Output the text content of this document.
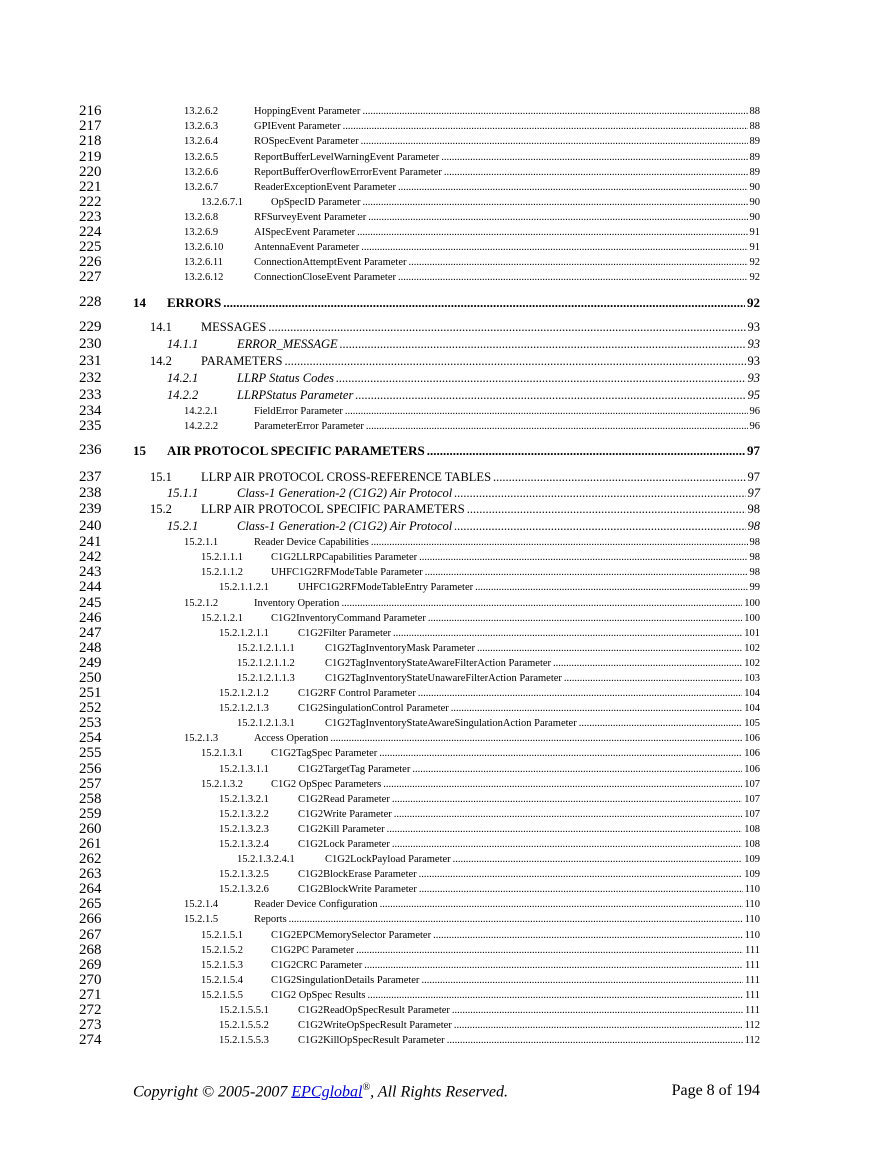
216	13.2.6.2	HoppingEvent Parameter .....	88
217	13.2.6.3	GPIEvent Parameter .....	88
218	13.2.6.4	ROSpecEvent Parameter .....	89
219	13.2.6.5	ReportBufferLevelWarningEvent Parameter .....	89
220	13.2.6.6	ReportBufferOverflowErrorEvent Parameter .....	89
221	13.2.6.7	ReaderExceptionEvent Parameter .....	90
222	13.2.6.7.1	OpSpecID Parameter .....	90
223	13.2.6.8	RFSurveyEvent Parameter .....	90
224	13.2.6.9	AISpecEvent Parameter .....	91
225	13.2.6.10	AntennaEvent Parameter .....	91
226	13.2.6.11	ConnectionAttemptEvent Parameter .....	92
227	13.2.6.12	ConnectionCloseEvent Parameter .....	92
228	14	ERRORS .....	92
229	14.1	MESSAGES .....	93
230	14.1.1	ERROR_MESSAGE .....	93
231	14.2	PARAMETERS .....	93
232	14.2.1	LLRP Status Codes .....	93
233	14.2.2	LLRPStatus Parameter .....	95
234	14.2.2.1	FieldError Parameter .....	96
235	14.2.2.2	ParameterError Parameter .....	96
236	15	AIR PROTOCOL SPECIFIC PARAMETERS .....	97
237	15.1	LLRP AIR PROTOCOL CROSS-REFERENCE TABLES .....	97
238	15.1.1	Class-1 Generation-2 (C1G2) Air Protocol .....	97
239	15.2	LLRP AIR PROTOCOL SPECIFIC PARAMETERS .....	98
240	15.2.1	Class-1 Generation-2 (C1G2) Air Protocol .....	98
241	15.2.1.1	Reader Device Capabilities .....	98
242	15.2.1.1.1	C1G2LLRPCapabilities Parameter .....	98
243	15.2.1.1.2	UHFC1G2RFModeTable Parameter .....	98
244	15.2.1.1.2.1	UHFC1G2RFModeTableEntry Parameter .....	99
245	15.2.1.2	Inventory Operation .....	100
246	15.2.1.2.1	C1G2InventoryCommand Parameter .....	100
247	15.2.1.2.1.1	C1G2Filter Parameter .....	101
248	15.2.1.2.1.1.1	C1G2TagInventoryMask Parameter .....	102
249	15.2.1.2.1.1.2	C1G2TagInventoryStateAwareFilterAction Parameter .....	102
250	15.2.1.2.1.1.3	C1G2TagInventoryStateUnawareFilterAction Parameter .....	103
251	15.2.1.2.1.2	C1G2RF Control Parameter .....	104
252	15.2.1.2.1.3	C1G2SingulationControl Parameter .....	104
253	15.2.1.2.1.3.1	C1G2TagInventoryStateAwareSingulationAction Parameter .....	105
254	15.2.1.3	Access Operation .....	106
255	15.2.1.3.1	C1G2TagSpec Parameter .....	106
256	15.2.1.3.1.1	C1G2TargetTag Parameter .....	106
257	15.2.1.3.2	C1G2 OpSpec Parameters .....	107
258	15.2.1.3.2.1	C1G2Read Parameter .....	107
259	15.2.1.3.2.2	C1G2Write Parameter .....	107
260	15.2.1.3.2.3	C1G2Kill Parameter .....	108
261	15.2.1.3.2.4	C1G2Lock Parameter .....	108
262	15.2.1.3.2.4.1	C1G2LockPayload Parameter .....	109
263	15.2.1.3.2.5	C1G2BlockErase Parameter .....	109
264	15.2.1.3.2.6	C1G2BlockWrite Parameter .....	110
265	15.2.1.4	Reader Device Configuration .....	110
266	15.2.1.5	Reports .....	110
267	15.2.1.5.1	C1G2EPCMemorySelector Parameter .....	110
268	15.2.1.5.2	C1G2PC Parameter .....	111
269	15.2.1.5.3	C1G2CRC Parameter .....	111
270	15.2.1.5.4	C1G2SingulationDetails Parameter .....	111
271	15.2.1.5.5	C1G2 OpSpec Results .....	111
272	15.2.1.5.5.1	C1G2ReadOpSpecResult Parameter .....	111
273	15.2.1.5.5.2	C1G2WriteOpSpecResult Parameter .....	112
274	15.2.1.5.5.3	C1G2KillOpSpecResult Parameter .....	112
Copyright © 2005-2007 EPCglobal®, All Rights Reserved.	Page 8 of 194
